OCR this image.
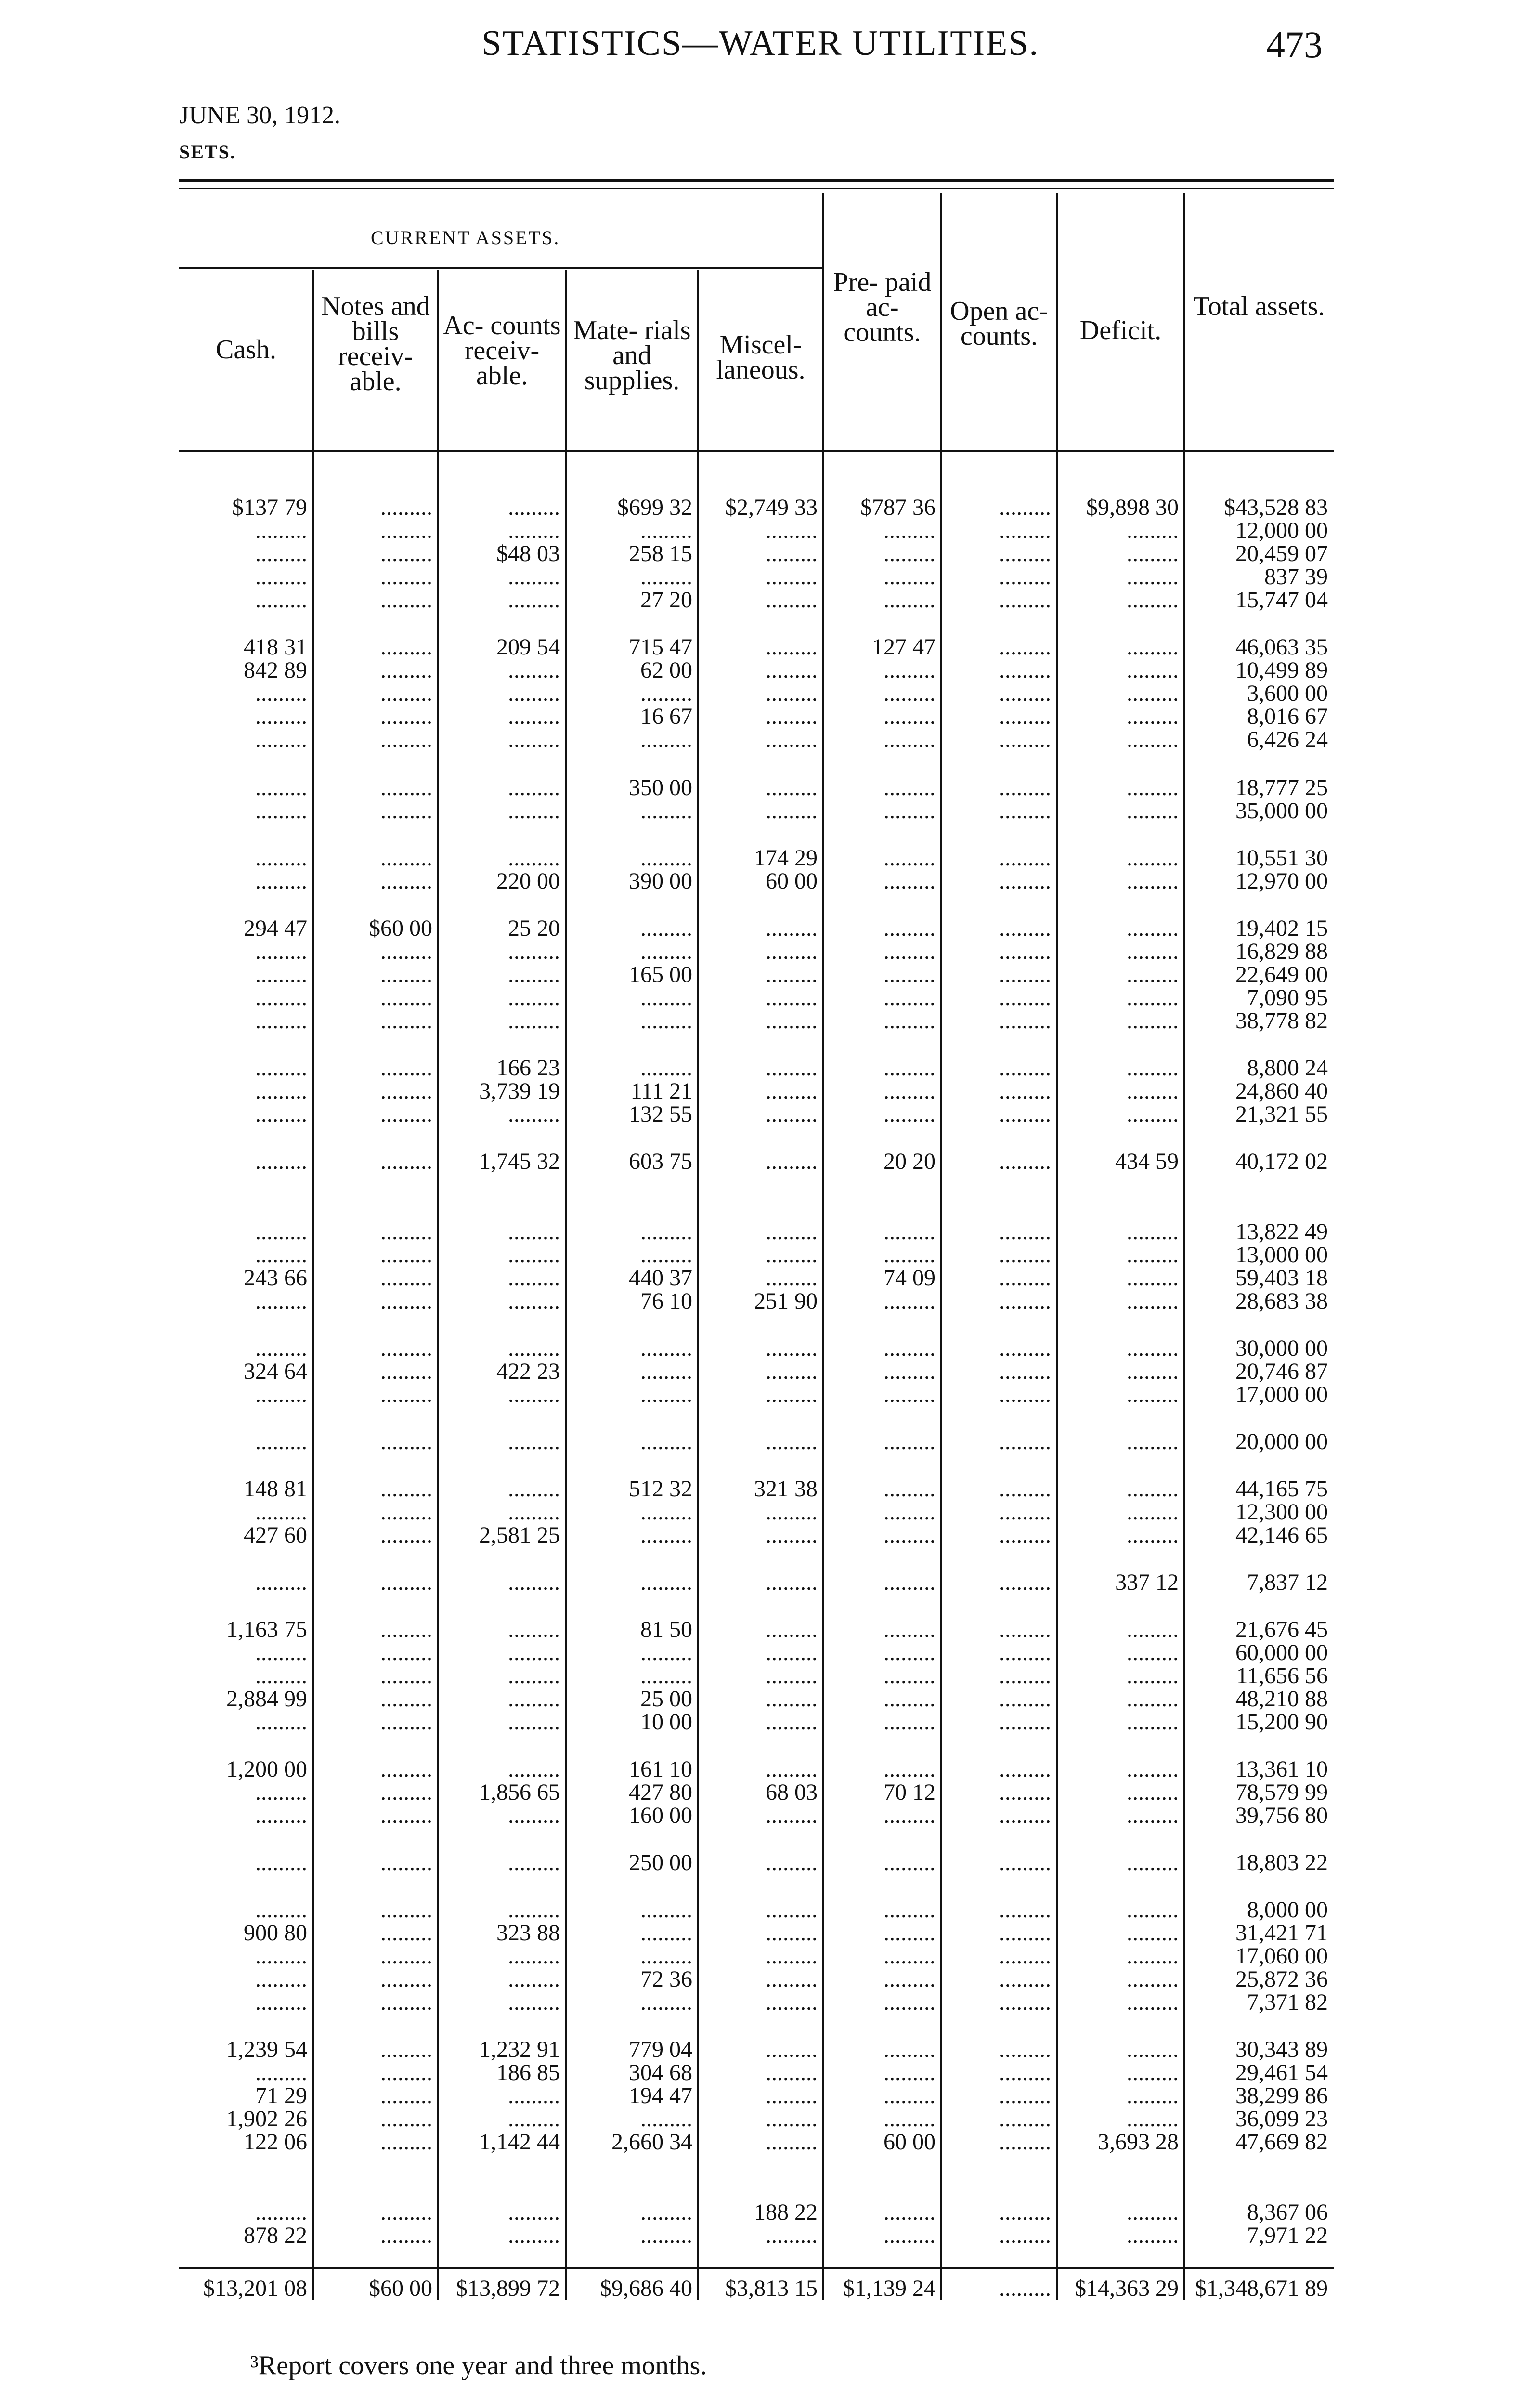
STATISTICS—WATER UTILITIES.	473
JUNE 30, 1912.
SETS.
CURRENT ASSETS.
Cash.
Notes and bills receiv- able.
Ac- counts receiv- able.
Mate- rials and supplies.
Miscel- laneous.
Pre- paid ac- counts.
Open ac- counts.	Deficit.
Total assets.
$137 79	.........	.........	$699 32	$2,749 33	$787 36	.........	$9,898 30	$43,528 83
.........	.........	.........	.........	.........	.........	.........	.........	12,000 00
.........	.........	$48 03	258 15	.........	.........	.........	.........	20,459 07
.........	.........	.........	.........	.........	.........	.........	.........	837 39
.........	.........	.........	27 20	.........	.........	.........	.........	15,747 04
418 31	.........	209 54	715 47	.........	127 47	.........	.........	46,063 35
842 89	.........	.........	62 00	.........	.........	.........	.........	10,499 89
.........	.........	.........	.........	.........	.........	.........	.........	3,600 00
.........	.........	.........	16 67	.........	.........	.........	.........	8,016 67
.........	.........	.........	.........	.........	.........	.........	.........	6,426 24
.........	.........	.........	350 00	.........	.........	.........	.........	18,777 25
.........	.........	.........	.........	.........	.........	.........	.........	35,000 00
.........	.........	.........	.........	174 29	.........	.........	.........	10,551 30
.........	.........	220 00	390 00	60 00	.........	.........	.........	12,970 00
294 47	$60 00	25 20	.........	.........	.........	.........	.........	19,402 15
.........	.........	.........	.........	.........	.........	.........	.........	16,829 88
.........	.........	.........	165 00	.........	.........	.........	.........	22,649 00
.........	.........	.........	.........	.........	.........	.........	.........	7,090 95
.........	.........	.........	.........	.........	.........	.........	.........	38,778 82
.........	.........	166 23	.........	.........	.........	.........	.........	8,800 24
.........	.........	3,739 19	111 21	.........	.........	.........	.........	24,860 40
.........	.........	.........	132 55	.........	.........	.........	.........	21,321 55
.........	.........	1,745 32	603 75	.........	20 20	.........	434 59	40,172 02
.........	.........	.........	.........	.........	.........	.........	.........	13,822 49
.........	.........	.........	.........	.........	.........	.........	.........	13,000 00
243 66	.........	.........	440 37	.........	74 09	.........	.........	59,403 18
.........	.........	.........	76 10	251 90	.........	.........	.........	28,683 38
.........	.........	.........	.........	.........	.........	.........	.........	30,000 00
324 64	.........	422 23	.........	.........	.........	.........	.........	20,746 87
.........	.........	.........	.........	.........	.........	.........	.........	17,000 00
.........	.........	.........	.........	.........	.........	.........	.........	20,000 00
148 81	.........	.........	512 32	321 38	.........	.........	.........	44,165 75
.........	.........	.........	.........	.........	.........	.........	.........	12,300 00
427 60	.........	2,581 25	.........	.........	.........	.........	.........	42,146 65
.........	.........	.........	.........	.........	.........	.........	337 12	7,837 12
1,163 75	.........	.........	81 50	.........	.........	.........	.........	21,676 45
.........	.........	.........	.........	.........	.........	.........	.........	60,000 00
.........	.........	.........	.........	.........	.........	.........	.........	11,656 56
2,884 99	.........	.........	25 00	.........	.........	.........	.........	48,210 88
.........	.........	.........	10 00	.........	.........	.........	.........	15,200 90
1,200 00	.........	.........	161 10	.........	.........	.........	.........	13,361 10
.........	.........	1,856 65	427 80	68 03	70 12	.........	.........	78,579 99
.........	.........	.........	160 00	.........	.........	.........	.........	39,756 80
.........	.........	.........	250 00	.........	.........	.........	.........	18,803 22
.........	.........	.........	.........	.........	.........	.........	.........	8,000 00
900 80	.........	323 88	.........	.........	.........	.........	.........	31,421 71
.........	.........	.........	.........	.........	.........	.........	.........	17,060 00
.........	.........	.........	72 36	.........	.........	.........	.........	25,872 36
.........	.........	.........	.........	.........	.........	.........	.........	7,371 82
1,239 54	.........	1,232 91	779 04	.........	.........	.........	.........	30,343 89
.........	.........	186 85	304 68	.........	.........	.........	.........	29,461 54
71 29	.........	.........	194 47	.........	.........	.........	.........	38,299 86
1,902 26	.........	.........	.........	.........	.........	.........	.........	36,099 23
122 06	.........	1,142 44	2,660 34	.........	60 00	.........	3,693 28	47,669 82
.........	.........	.........	.........	188 22	.........	.........	.........	8,367 06
878 22	.........	.........	.........	.........	.........	.........	.........	7,971 22
$13,201 08	$60 00	$13,899 72	$9,686 40	$3,813 15	$1,139 24	.........	$14,363 29 $1,348,671 89
³Report covers one year and three months.
